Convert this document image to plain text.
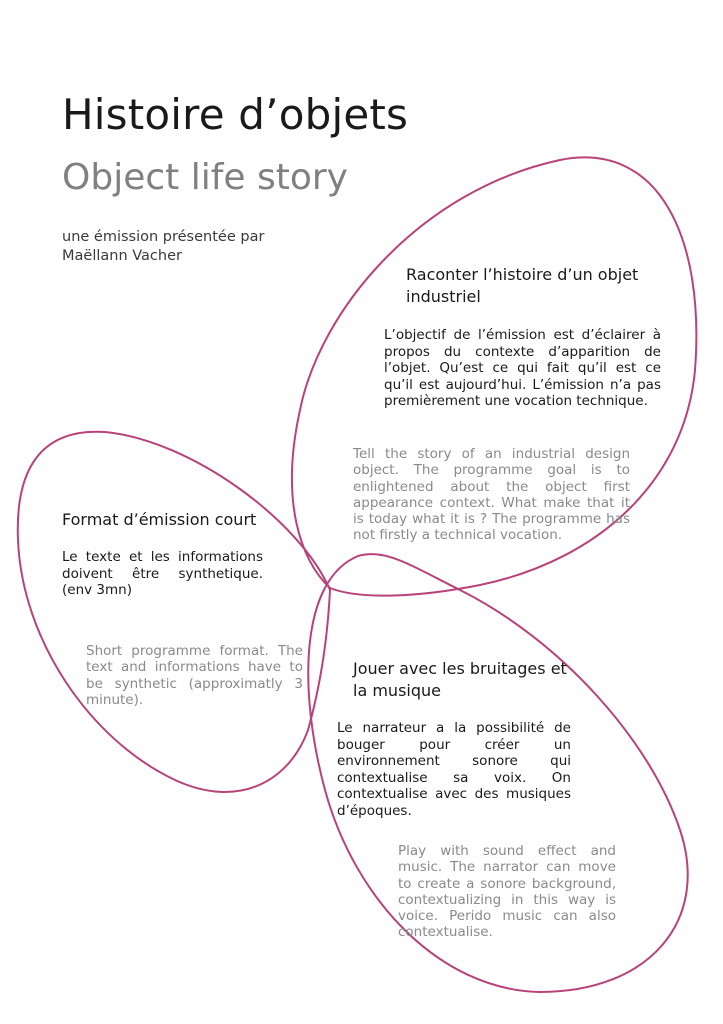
Histoire d’objets
Object life story

une émission présentée par
Maëllann Vacher

Raconter l’histoire d’un objet industriel

L’objectif de l’émission est d’éclairer à propos du contexte d’apparition de l’objet. Qu’est ce qui fait qu’il est ce qu’il est aujourd’hui. L’émission n’a pas premièrement une vocation technique.

Tell the story of an industrial design object. The programme goal is to enlightened about the object first appearance context. What make that it is today what it is ? The programme has not firstly a technical vocation.

Format d’émission court

Le texte et les informations doivent être synthetique. (env 3mn)

Short programme format. The text and informations have to be synthetic (approximatly 3 minute).

Jouer avec les bruitages et la musique

Le narrateur a la possibilité de bouger pour créer un environnement sonore qui contextualise sa voix. On contextualise avec des musiques d’époques.

Play with sound effect and music. The narrator can move to create a sonore background, contextualizing in this way is voice. Perido music can also contextualise.
